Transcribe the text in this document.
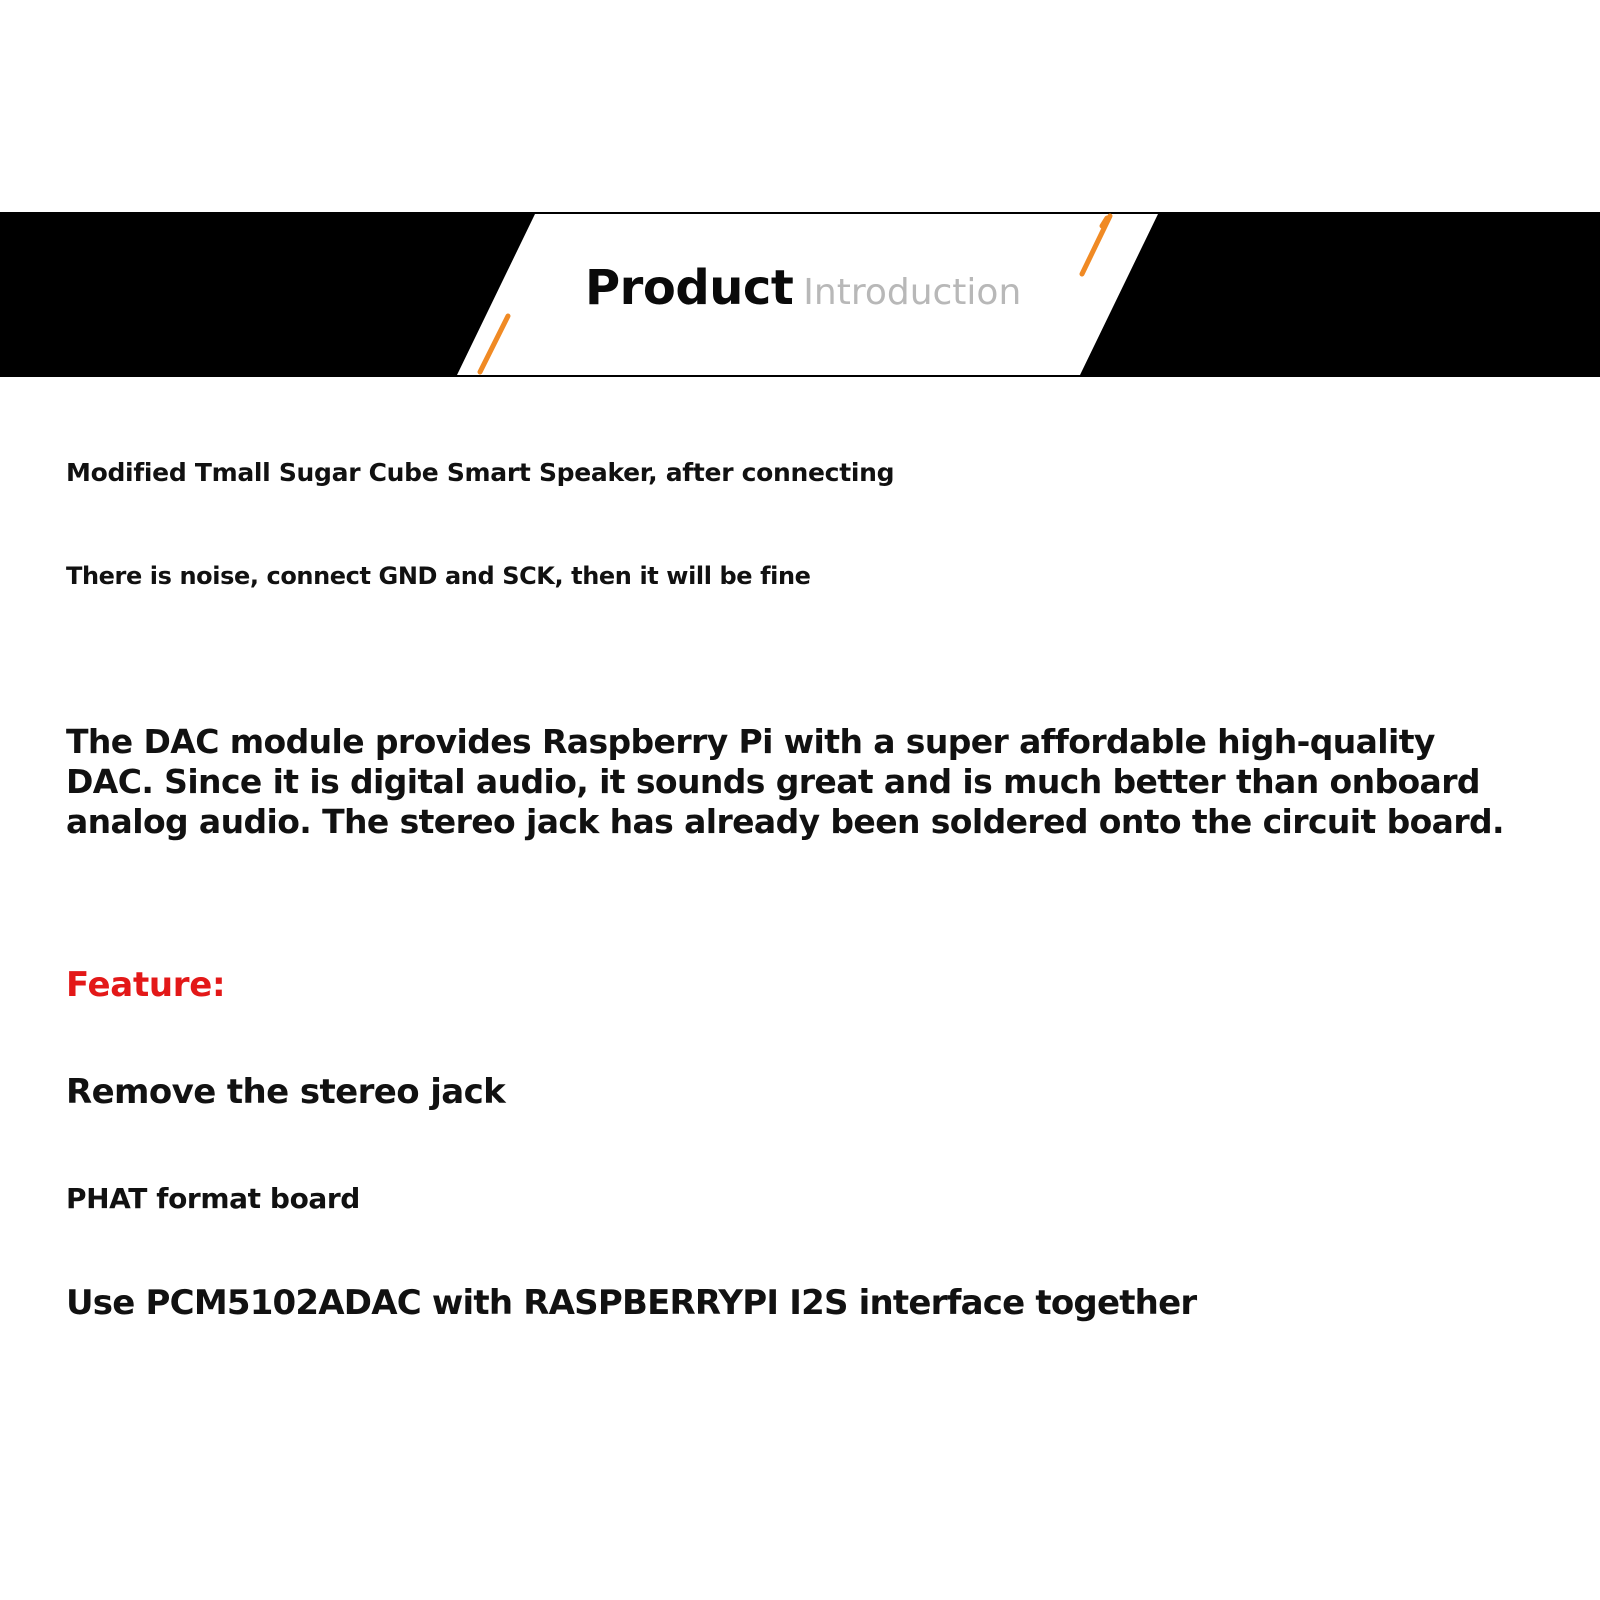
Product Introduction

Modified Tmall Sugar Cube Smart Speaker, after connecting

There is noise, connect GND and SCK, then it will be fine

The DAC module provides Raspberry Pi with a super affordable high-quality DAC. Since it is digital audio, it sounds great and is much better than onboard analog audio. The stereo jack has already been soldered onto the circuit board.

Feature:

Remove the stereo jack

PHAT format board

Use PCM5102ADAC with RASPBERRYPI I2S interface together
